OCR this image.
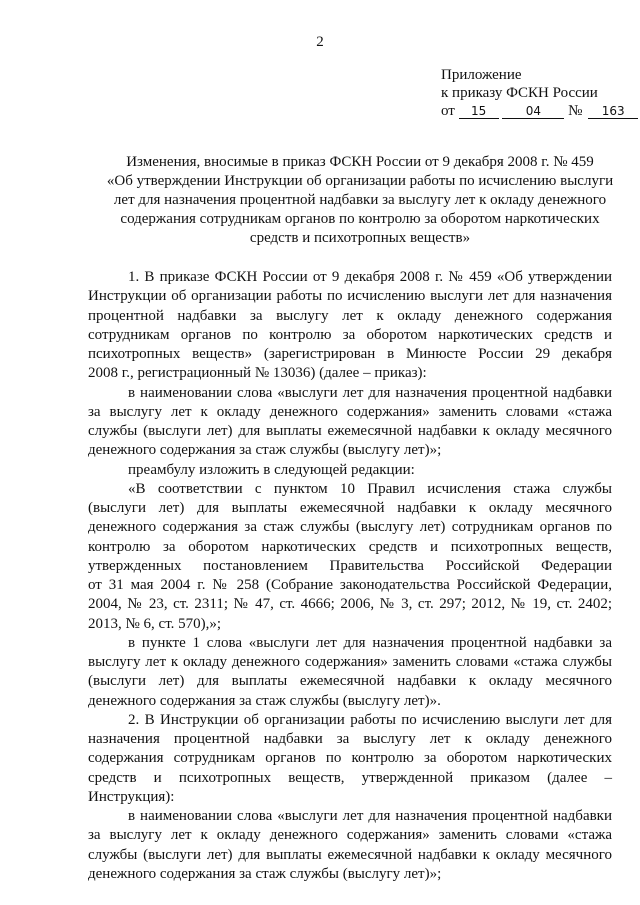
2
Приложение
к приказу ФСКН России
от 15	04 № 163
Изменения, вносимые в приказ ФСКН России от 9 декабря 2008 г. № 459
«Об утверждении Инструкции об организации работы по исчислению выслуги
лет для назначения процентной надбавки за выслугу лет к окладу денежного
содержания сотрудникам органов по контролю за оборотом наркотических
средств и психотропных веществ»
1. В приказе ФСКН России от 9 декабря 2008 г. № 459 «Об утверждении
Инструкции об организации работы по исчислению выслуги лет для назначения
процентной надбавки за выслугу лет к окладу денежного содержания
сотрудникам органов по контролю за оборотом наркотических средств и
психотропных веществ» (зарегистрирован в Минюсте России 29 декабря
2008 г., регистрационный № 13036) (далее – приказ):
в наименовании слова «выслуги лет для назначения процентной надбавки
за выслугу лет к окладу денежного содержания» заменить словами «стажа
службы (выслуги лет) для выплаты ежемесячной надбавки к окладу месячного
денежного содержания за стаж службы (выслугу лет)»;
преамбулу изложить в следующей редакции:
«В соответствии с пунктом 10 Правил исчисления стажа службы
(выслуги лет) для выплаты ежемесячной надбавки к окладу месячного
денежного содержания за стаж службы (выслугу лет) сотрудникам органов по
контролю за оборотом наркотических средств и психотропных веществ,
утвержденных постановлением Правительства Российской Федерации
от 31 мая 2004 г. № 258 (Собрание законодательства Российской Федерации,
2004, № 23, ст. 2311; № 47, ст. 4666; 2006, № 3, ст. 297; 2012, № 19, ст. 2402;
2013, № 6, ст. 570),»;
в пункте 1 слова «выслуги лет для назначения процентной надбавки за
выслугу лет к окладу денежного содержания» заменить словами «стажа службы
(выслуги лет) для выплаты ежемесячной надбавки к окладу месячного
денежного содержания за стаж службы (выслугу лет)».
2. В Инструкции об организации работы по исчислению выслуги лет для
назначения процентной надбавки за выслугу лет к окладу денежного
содержания сотрудникам органов по контролю за оборотом наркотических
средств и психотропных веществ, утвержденной приказом (далее –
Инструкция):
в наименовании слова «выслуги лет для назначения процентной надбавки
за выслугу лет к окладу денежного содержания» заменить словами «стажа
службы (выслуги лет) для выплаты ежемесячной надбавки к окладу месячного
денежного содержания за стаж службы (выслугу лет)»;
